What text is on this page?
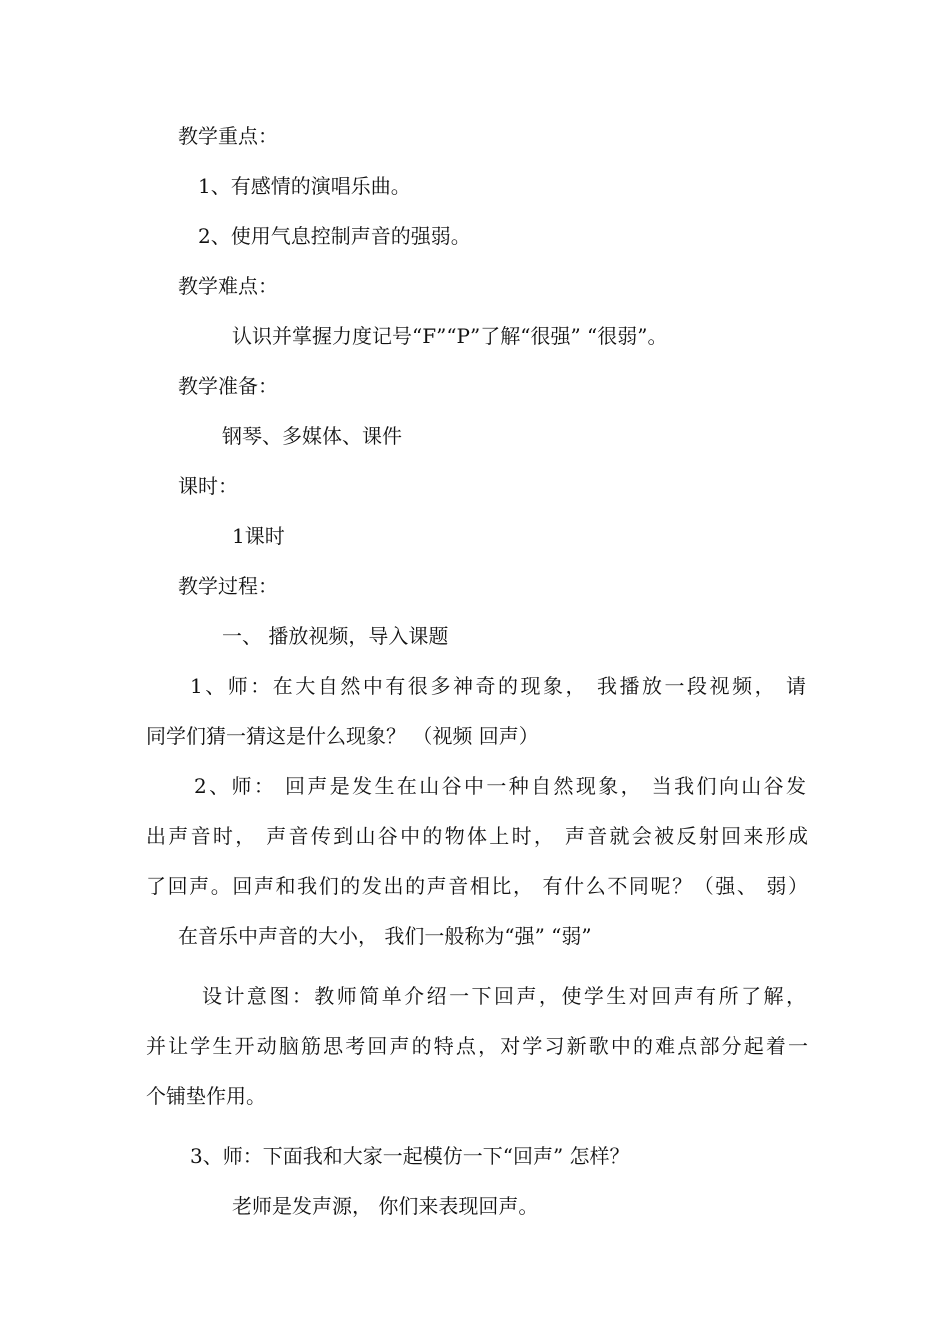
教学重点：

1、有感情的演唱乐曲。

2、使用气息控制声音的强弱。

教学难点：

认识并掌握力度记号“F”“P”了解“很强” “很弱”。

教学准备：

钢琴、多媒体、课件

课时：

1课时

教学过程：

一、 播放视频，导入课题

1、师：在大自然中有很多神奇的现象， 我播放一段视频， 请

同学们猜一猜这是什么现象？ （视频 回声）

2、师： 回声是发生在山谷中一种自然现象， 当我们向山谷发

出声音时， 声音传到山谷中的物体上时， 声音就会被反射回来形成

了回声。回声和我们的发出的声音相比， 有什么不同呢？（强、 弱）

在音乐中声音的大小， 我们一般称为“强” “弱”

设计意图：教师简单介绍一下回声，使学生对回声有所了解，

并让学生开动脑筋思考回声的特点，对学习新歌中的难点部分起着一

个铺垫作用。

3、师：下面我和大家一起模仿一下“回声” 怎样？

老师是发声源， 你们来表现回声。
